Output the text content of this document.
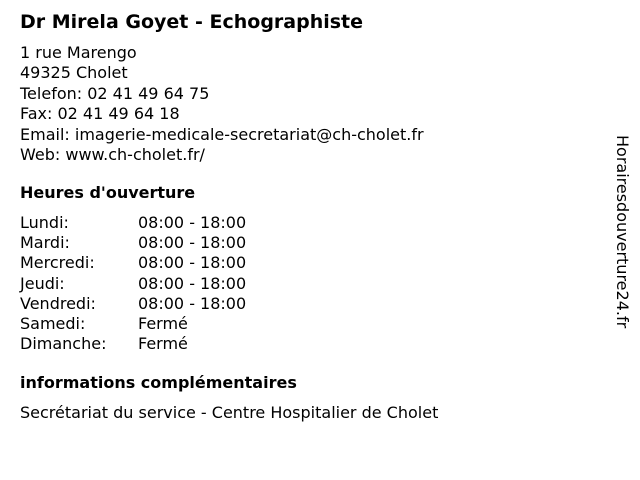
Dr Mirela Goyet - Echographiste
1 rue Marengo
49325 Cholet
Telefon: 02 41 49 64 75
Fax: 02 41 49 64 18
Email: imagerie-medicale-secretariat@ch-cholet.fr
Web: www.ch-cholet.fr/
Heures d'ouverture
Lundi:	08:00 - 18:00
Mardi:	08:00 - 18:00
Mercredi:	08:00 - 18:00
Jeudi:	08:00 - 18:00
Vendredi:	08:00 - 18:00
Samedi:	Fermé
Dimanche:	Fermé
informations complémentaires
Secrétariat du service - Centre Hospitalier de Cholet
Horairesdouverture24.fr
